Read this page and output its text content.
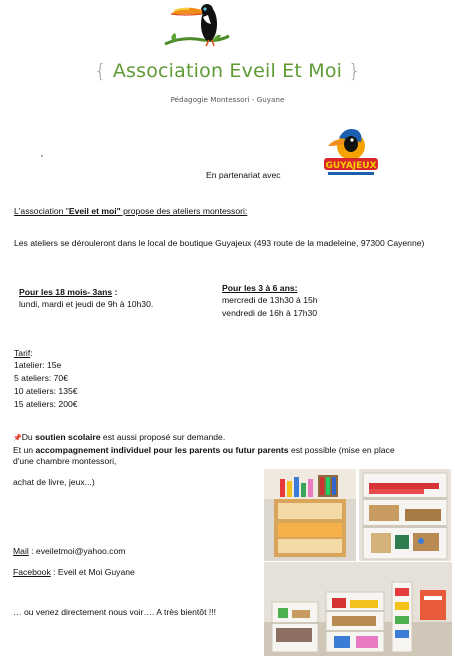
{ Association Eveil Et Moi }
Pédagogie Montessori - Guyane
·
En partenariat avec
GUYAJEUX
L'association "Eveil et moi" propose des ateliers montessori:
Les ateliers se dérouleront dans le local de boutique Guyajeux (493 route de la madeleine, 97300 Cayenne)
Pour les 18 mois- 3ans :
lundi, mardi et jeudi de 9h à 10h30.
Pour les 3 à 6 ans:
mercredi de 13h30 à 15h
vendredi de 16h à 17h30
Tarif:
1atelier: 15e
5 ateliers: 70€
10 ateliers: 135€
15 ateliers: 200€
📌Du soutien scolaire est aussi proposé sur demande.
Et un accompagnement individuel pour les parents ou futur parents est possible (mise en place d'une chambre montessori,
achat de livre, jeux...)
Mail : eveiletmoi@yahoo.com
Facebook : Eveil et Moi Guyane
… ou venez directement nous voir…. A très bientôt !!!
